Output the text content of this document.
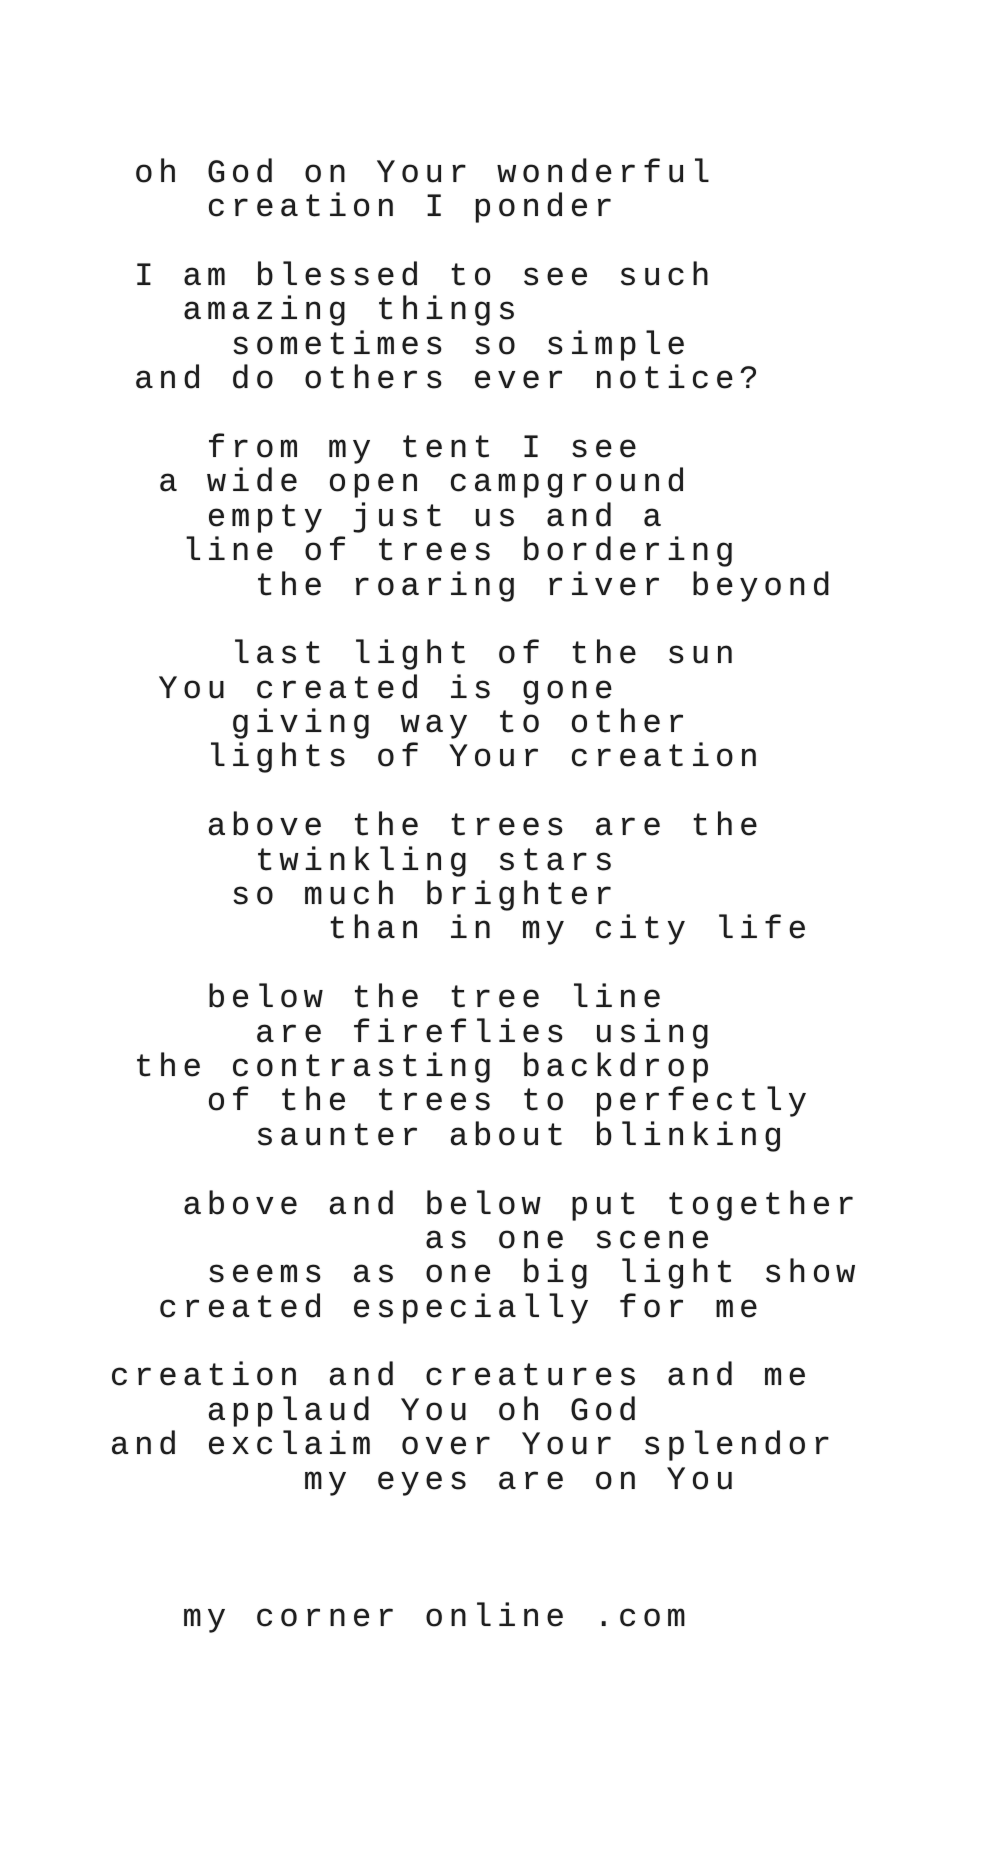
oh God on Your wonderful
creation I ponder
I am blessed to see such
amazing things
sometimes so simple
and do others ever notice?
from my tent I see
a wide open campground
empty just us and a
line of trees bordering
the roaring river beyond
last light of the sun
You created is gone
giving way to other
lights of Your creation
above the trees are the
twinkling stars
so much brighter
than in my city life
below the tree line
are fireflies using
the contrasting backdrop
of the trees to perfectly
saunter about blinking
above and below put together
as one scene
seems as one big light show
created especially for me
creation and creatures and me
applaud You oh God
and exclaim over Your splendor
my eyes are on You

my corner online .com
